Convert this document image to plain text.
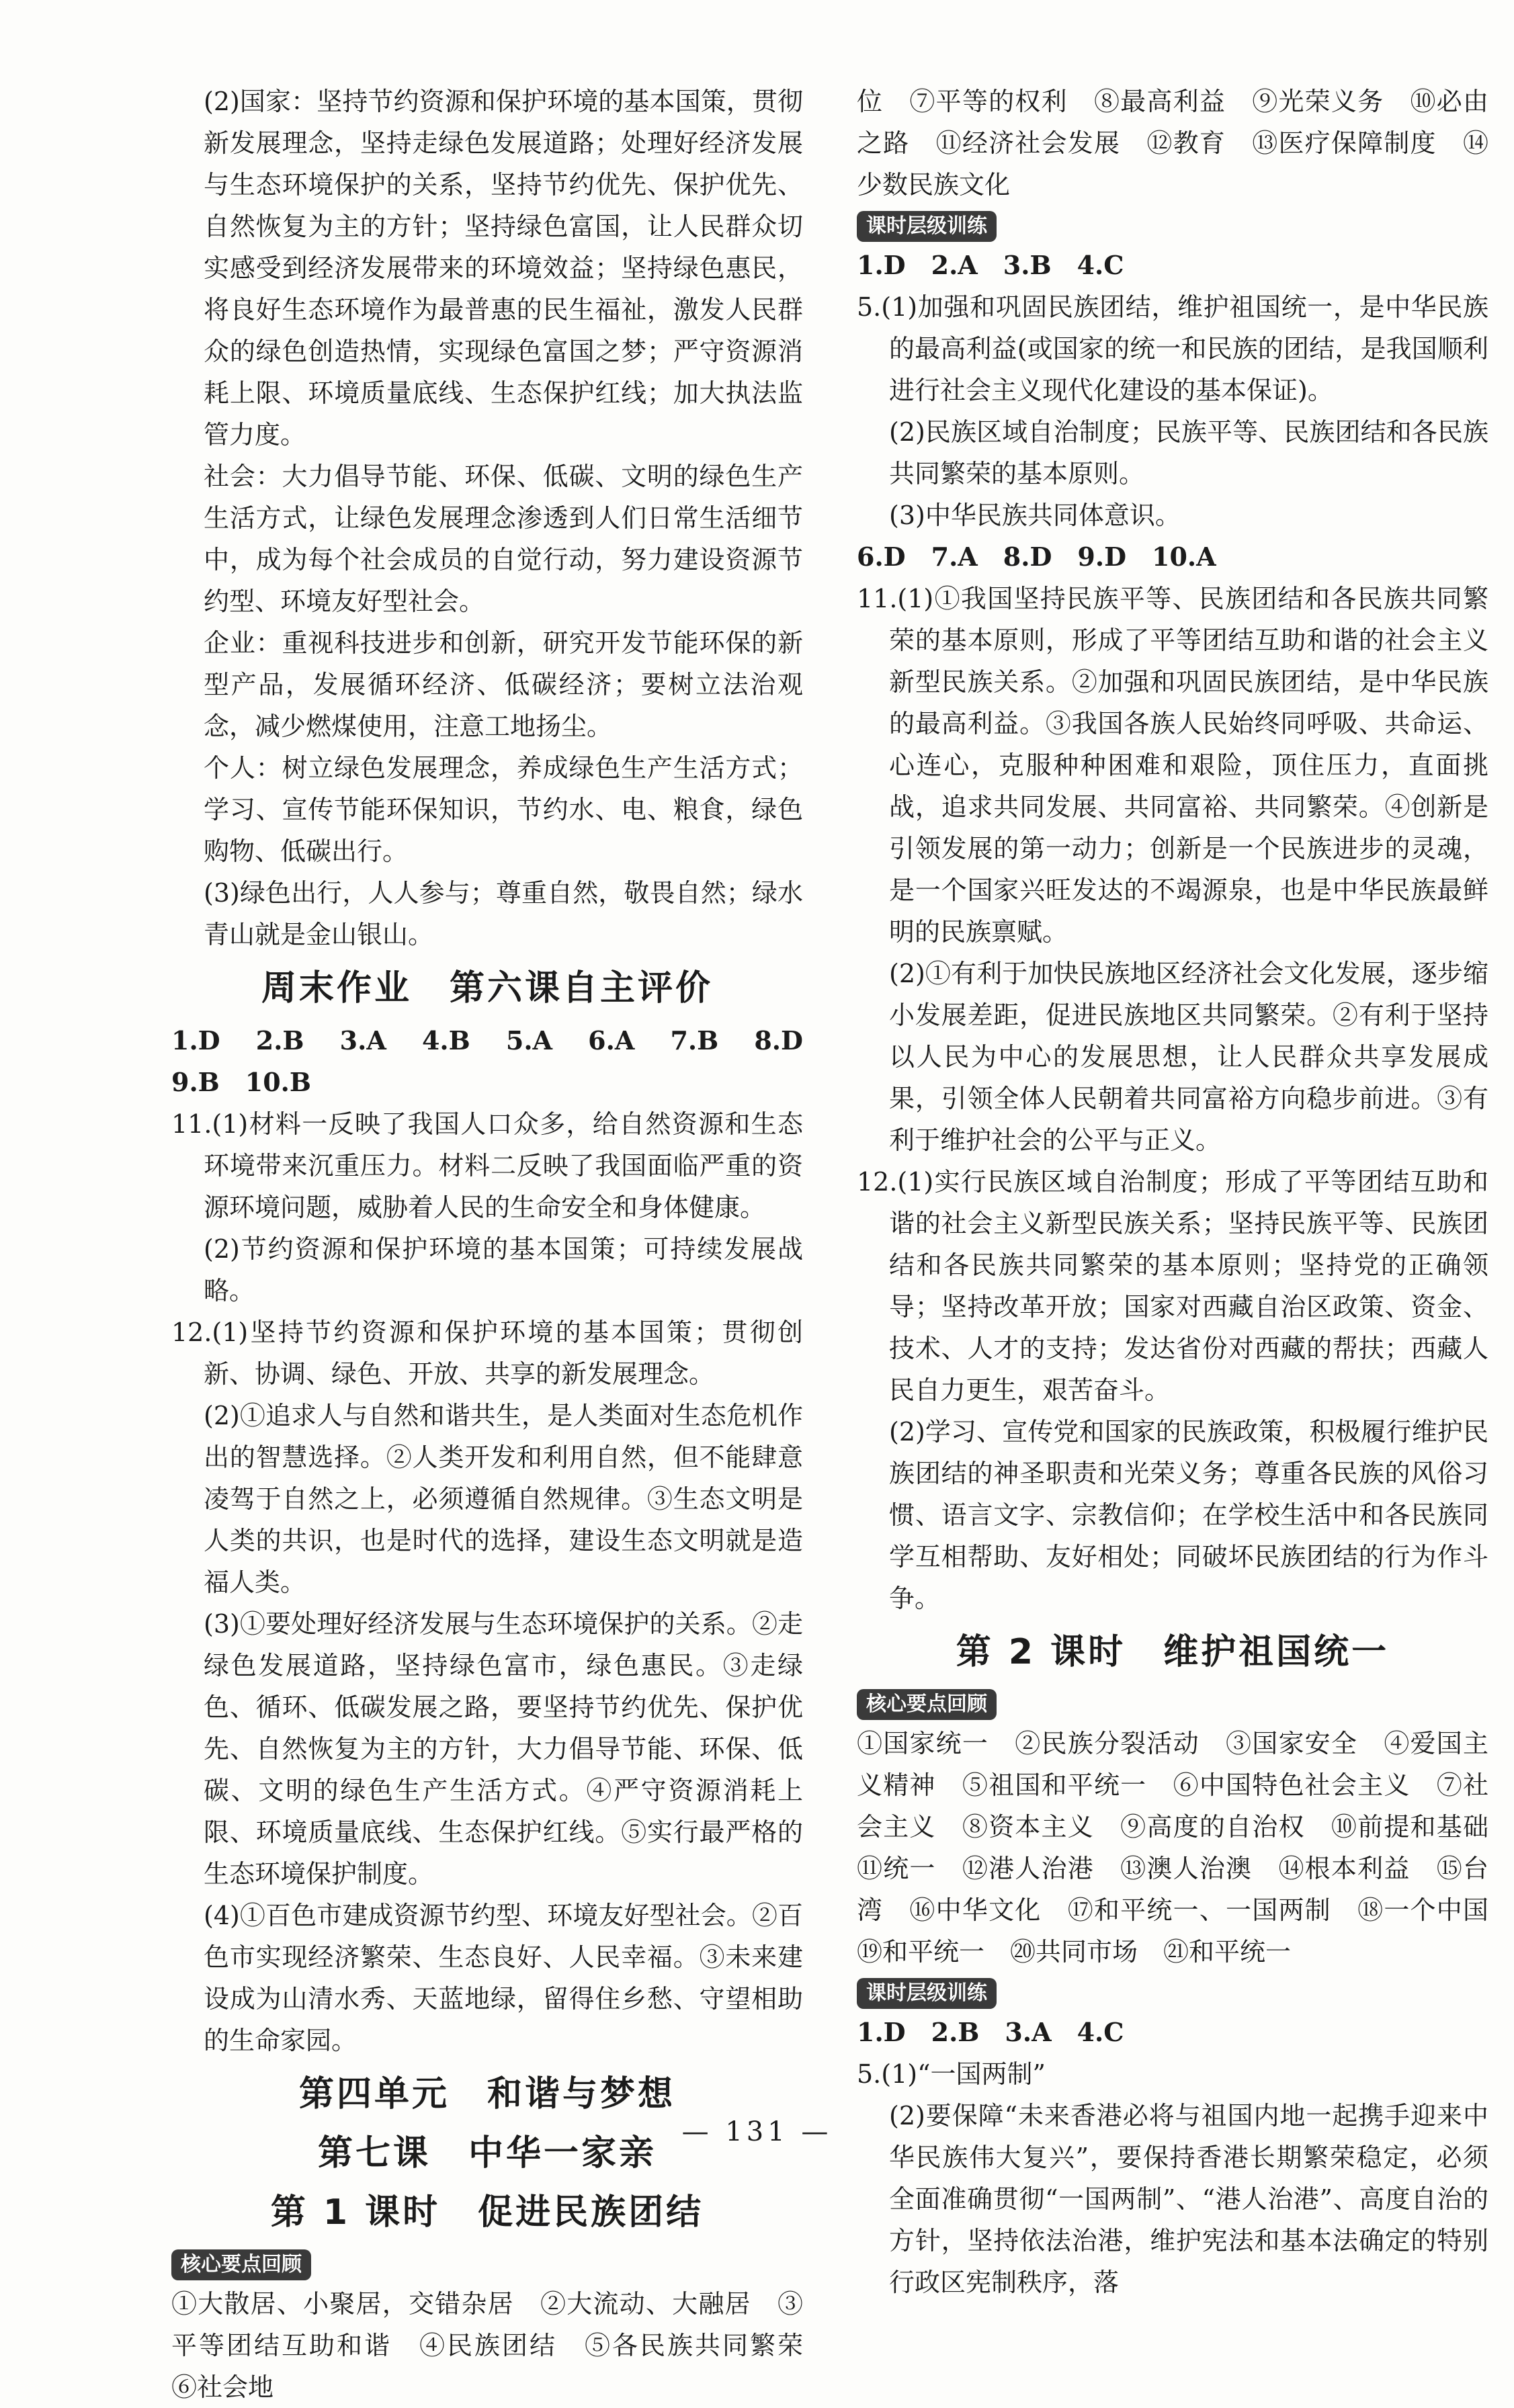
(2)国家：坚持节约资源和保护环境的基本国策，贯彻新发展理念，坚持走绿色发展道路；处理好经济发展与生态环境保护的关系，坚持节约优先、保护优先、自然恢复为主的方针；坚持绿色富国，让人民群众切实感受到经济发展带来的环境效益；坚持绿色惠民，将良好生态环境作为最普惠的民生福祉，激发人民群众的绿色创造热情，实现绿色富国之梦；严守资源消耗上限、环境质量底线、生态保护红线；加大执法监管力度。

社会：大力倡导节能、环保、低碳、文明的绿色生产生活方式，让绿色发展理念渗透到人们日常生活细节中，成为每个社会成员的自觉行动，努力建设资源节约型、环境友好型社会。

企业：重视科技进步和创新，研究开发节能环保的新型产品，发展循环经济、低碳经济；要树立法治观念，减少燃煤使用，注意工地扬尘。

个人：树立绿色发展理念，养成绿色生产生活方式；学习、宣传节能环保知识，节约水、电、粮食，绿色购物、低碳出行。

(3)绿色出行，人人参与；尊重自然，敬畏自然；绿水青山就是金山银山。

周末作业　第六课自主评价

1.D　2.B　3.A　4.B　5.A　6.A　7.B　8.D　9.B　10.B

11.(1)材料一反映了我国人口众多，给自然资源和生态环境带来沉重压力。材料二反映了我国面临严重的资源环境问题，威胁着人民的生命安全和身体健康。

(2)节约资源和保护环境的基本国策；可持续发展战略。

12.(1)坚持节约资源和保护环境的基本国策；贯彻创新、协调、绿色、开放、共享的新发展理念。

(2)①追求人与自然和谐共生，是人类面对生态危机作出的智慧选择。②人类开发和利用自然，但不能肆意凌驾于自然之上，必须遵循自然规律。③生态文明是人类的共识，也是时代的选择，建设生态文明就是造福人类。

(3)①要处理好经济发展与生态环境保护的关系。②走绿色发展道路，坚持绿色富市，绿色惠民。③走绿色、循环、低碳发展之路，要坚持节约优先、保护优先、自然恢复为主的方针，大力倡导节能、环保、低碳、文明的绿色生产生活方式。④严守资源消耗上限、环境质量底线、生态保护红线。⑤实行最严格的生态环境保护制度。

(4)①百色市建成资源节约型、环境友好型社会。②百色市实现经济繁荣、生态良好、人民幸福。③未来建设成为山清水秀、天蓝地绿，留得住乡愁、守望相助的生命家园。

第四单元　和谐与梦想
第七课　中华一家亲
第 1 课时　促进民族团结
核心要点回顾

①大散居、小聚居，交错杂居　②大流动、大融居　③平等团结互助和谐　④民族团结　⑤各民族共同繁荣　⑥社会地

位　⑦平等的权利　⑧最高利益　⑨光荣义务　⑩必由之路　⑪经济社会发展　⑫教育　⑬医疗保障制度　⑭少数民族文化

课时层级训练

1.D　2.A　3.B　4.C

5.(1)加强和巩固民族团结，维护祖国统一，是中华民族的最高利益(或国家的统一和民族的团结，是我国顺利进行社会主义现代化建设的基本保证)。

(2)民族区域自治制度；民族平等、民族团结和各民族共同繁荣的基本原则。

(3)中华民族共同体意识。

6.D　7.A　8.D　9.D　10.A

11.(1)①我国坚持民族平等、民族团结和各民族共同繁荣的基本原则，形成了平等团结互助和谐的社会主义新型民族关系。②加强和巩固民族团结，是中华民族的最高利益。③我国各族人民始终同呼吸、共命运、心连心，克服种种困难和艰险，顶住压力，直面挑战，追求共同发展、共同富裕、共同繁荣。④创新是引领发展的第一动力；创新是一个民族进步的灵魂，是一个国家兴旺发达的不竭源泉，也是中华民族最鲜明的民族禀赋。

(2)①有利于加快民族地区经济社会文化发展，逐步缩小发展差距，促进民族地区共同繁荣。②有利于坚持以人民为中心的发展思想，让人民群众共享发展成果，引领全体人民朝着共同富裕方向稳步前进。③有利于维护社会的公平与正义。

12.(1)实行民族区域自治制度；形成了平等团结互助和谐的社会主义新型民族关系；坚持民族平等、民族团结和各民族共同繁荣的基本原则；坚持党的正确领导；坚持改革开放；国家对西藏自治区政策、资金、技术、人才的支持；发达省份对西藏的帮扶；西藏人民自力更生，艰苦奋斗。

(2)学习、宣传党和国家的民族政策，积极履行维护民族团结的神圣职责和光荣义务；尊重各民族的风俗习惯、语言文字、宗教信仰；在学校生活中和各民族同学互相帮助、友好相处；同破坏民族团结的行为作斗争。

第 2 课时　维护祖国统一
核心要点回顾

①国家统一　②民族分裂活动　③国家安全　④爱国主义精神　⑤祖国和平统一　⑥中国特色社会主义　⑦社会主义　⑧资本主义　⑨高度的自治权　⑩前提和基础　⑪统一　⑫港人治港　⑬澳人治澳　⑭根本利益　⑮台湾　⑯中华文化　⑰和平统一、一国两制　⑱一个中国　⑲和平统一　⑳共同市场　㉑和平统一

课时层级训练

1.D　2.B　3.A　4.C

5.(1)“一国两制”

(2)要保障“未来香港必将与祖国内地一起携手迎来中华民族伟大复兴”，要保持香港长期繁荣稳定，必须全面准确贯彻“一国两制”、“港人治港”、高度自治的方针，坚持依法治港，维护宪法和基本法确定的特别行政区宪制秩序，落

— 131 —
